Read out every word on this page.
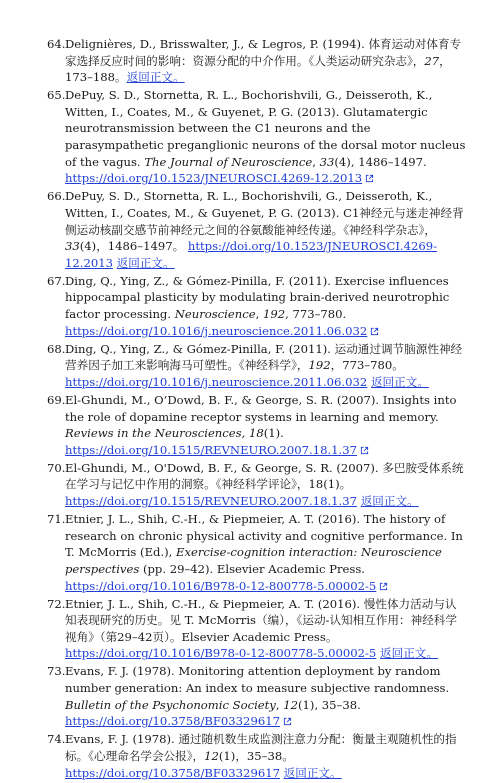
64. Delignières, D., Brisswalter, J., & Legros, P. (1994). 体育运动对体育专家选择反应时间的影响：资源分配的中介作用。《人类运动研究杂志》，27，173–188。返回正文。
65. DePuy, S. D., Stornetta, R. L., Bochorishvili, G., Deisseroth, K., Witten, I., Coates, M., & Guyenet, P. G. (2013). Glutamatergic neurotransmission between the C1 neurons and the parasympathetic preganglionic neurons of the dorsal motor nucleus of the vagus. The Journal of Neuroscience, 33(4), 1486–1497. https://doi.org/10.1523/JNEUROSCI.4269-12.2013
66. DePuy, S. D., Stornetta, R. L., Bochorishvili, G., Deisseroth, K., Witten, I., Coates, M., & Guyenet, P. G. (2013). C1神经元与迷走神经背侧运动核副交感节前神经元之间的谷氨酸能神经传递。《神经科学杂志》，33(4)，1486–1497。 https://doi.org/10.1523/JNEUROSCI.4269-12.2013 返回正文。
67. Ding, Q., Ying, Z., & Gómez-Pinilla, F. (2011). Exercise influences hippocampal plasticity by modulating brain-derived neurotrophic factor processing. Neuroscience, 192, 773–780. https://doi.org/10.1016/j.neuroscience.2011.06.032
68. Ding, Q., Ying, Z., & Gómez-Pinilla, F. (2011). 运动通过调节脑源性神经营养因子加工来影响海马可塑性。《神经科学》，192，773–780。 https://doi.org/10.1016/j.neuroscience.2011.06.032 返回正文。
69. El-Ghundi, M., O’Dowd, B. F., & George, S. R. (2007). Insights into the role of dopamine receptor systems in learning and memory. Reviews in the Neurosciences, 18(1). https://doi.org/10.1515/REVNEURO.2007.18.1.37
70. El-Ghundi, M., O'Dowd, B. F., & George, S. R. (2007). 多巴胺受体系统在学习与记忆中作用的洞察。《神经科学评论》，18(1)。 https://doi.org/10.1515/REVNEURO.2007.18.1.37 返回正文。
71. Etnier, J. L., Shih, C.-H., & Piepmeier, A. T. (2016). The history of research on chronic physical activity and cognitive performance. In T. McMorris (Ed.), Exercise-cognition interaction: Neuroscience perspectives (pp. 29–42). Elsevier Academic Press. https://doi.org/10.1016/B978-0-12-800778-5.00002-5
72. Etnier, J. L., Shih, C.-H., & Piepmeier, A. T. (2016). 慢性体力活动与认知表现研究的历史。见 T. McMorris（编），《运动-认知相互作用：神经科学视角》（第29–42页）。Elsevier Academic Press。 https://doi.org/10.1016/B978-0-12-800778-5.00002-5 返回正文。
73. Evans, F. J. (1978). Monitoring attention deployment by random number generation: An index to measure subjective randomness. Bulletin of the Psychonomic Society, 12(1), 35–38. https://doi.org/10.3758/BF03329617
74. Evans, F. J. (1978). 通过随机数生成监测注意力分配：衡量主观随机性的指标。《心理命名学会公报》，12(1)，35–38。 https://doi.org/10.3758/BF03329617 返回正文。
